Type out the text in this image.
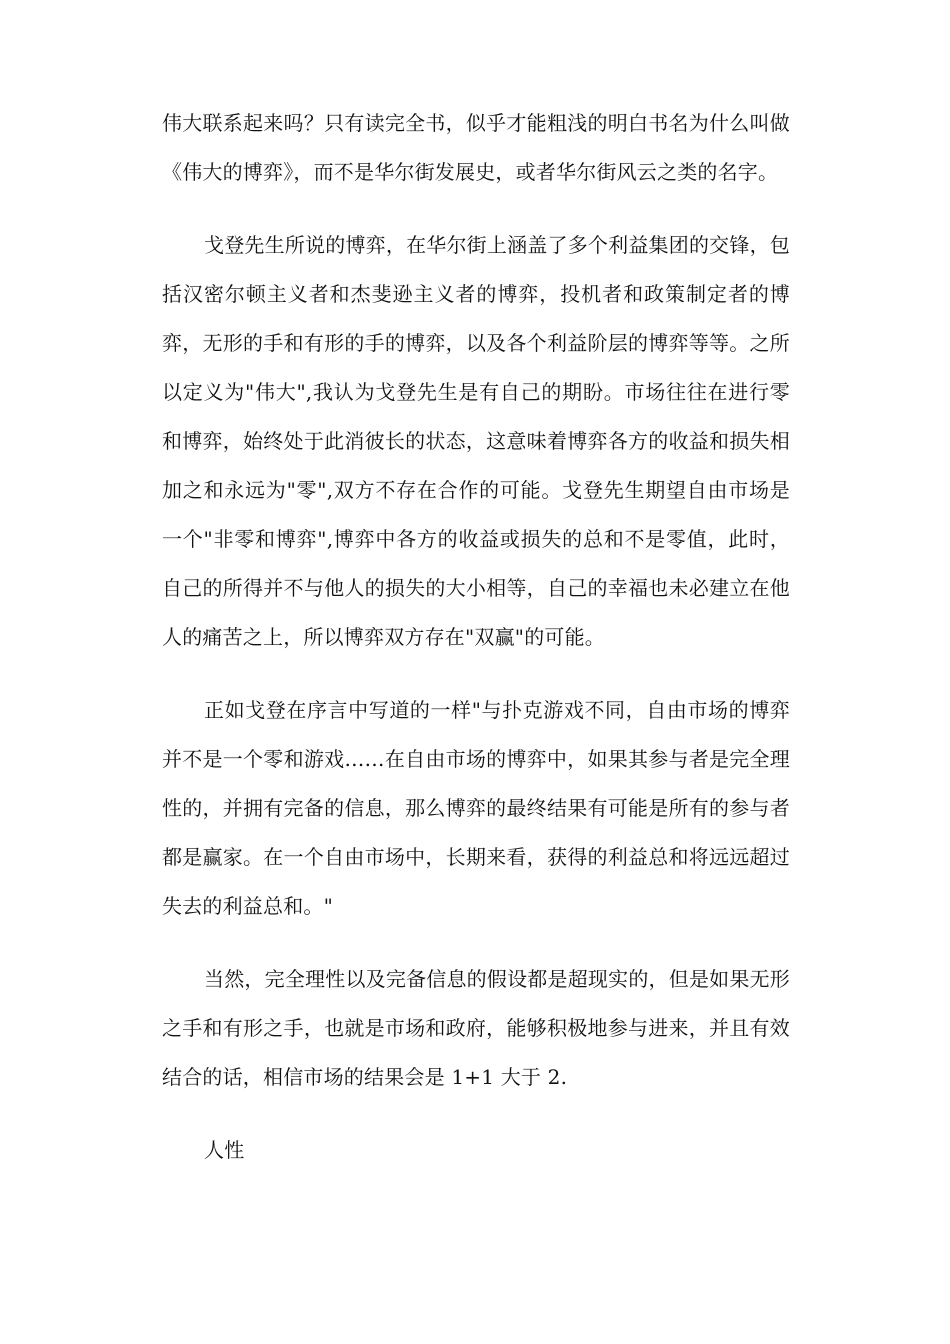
伟大联系起来吗？只有读完全书，似乎才能粗浅的明白书名为什么叫做《伟大的博弈》，而不是华尔街发展史，或者华尔街风云之类的名字。

戈登先生所说的博弈，在华尔街上涵盖了多个利益集团的交锋，包括汉密尔顿主义者和杰斐逊主义者的博弈，投机者和政策制定者的博弈，无形的手和有形的手的博弈，以及各个利益阶层的博弈等等。之所以定义为"伟大",我认为戈登先生是有自己的期盼。市场往往在进行零和博弈，始终处于此消彼长的状态，这意味着博弈各方的收益和损失相加之和永远为"零",双方不存在合作的可能。戈登先生期望自由市场是一个"非零和博弈",博弈中各方的收益或损失的总和不是零值，此时，自己的所得并不与他人的损失的大小相等，自己的幸福也未必建立在他人的痛苦之上，所以博弈双方存在"双赢"的可能。

正如戈登在序言中写道的一样"与扑克游戏不同，自由市场的博弈并不是一个零和游戏……在自由市场的博弈中，如果其参与者是完全理性的，并拥有完备的信息，那么博弈的最终结果有可能是所有的参与者都是赢家。在一个自由市场中，长期来看，获得的利益总和将远远超过失去的利益总和。"

当然，完全理性以及完备信息的假设都是超现实的，但是如果无形之手和有形之手，也就是市场和政府，能够积极地参与进来，并且有效结合的话，相信市场的结果会是 1+1 大于 2.

人性
